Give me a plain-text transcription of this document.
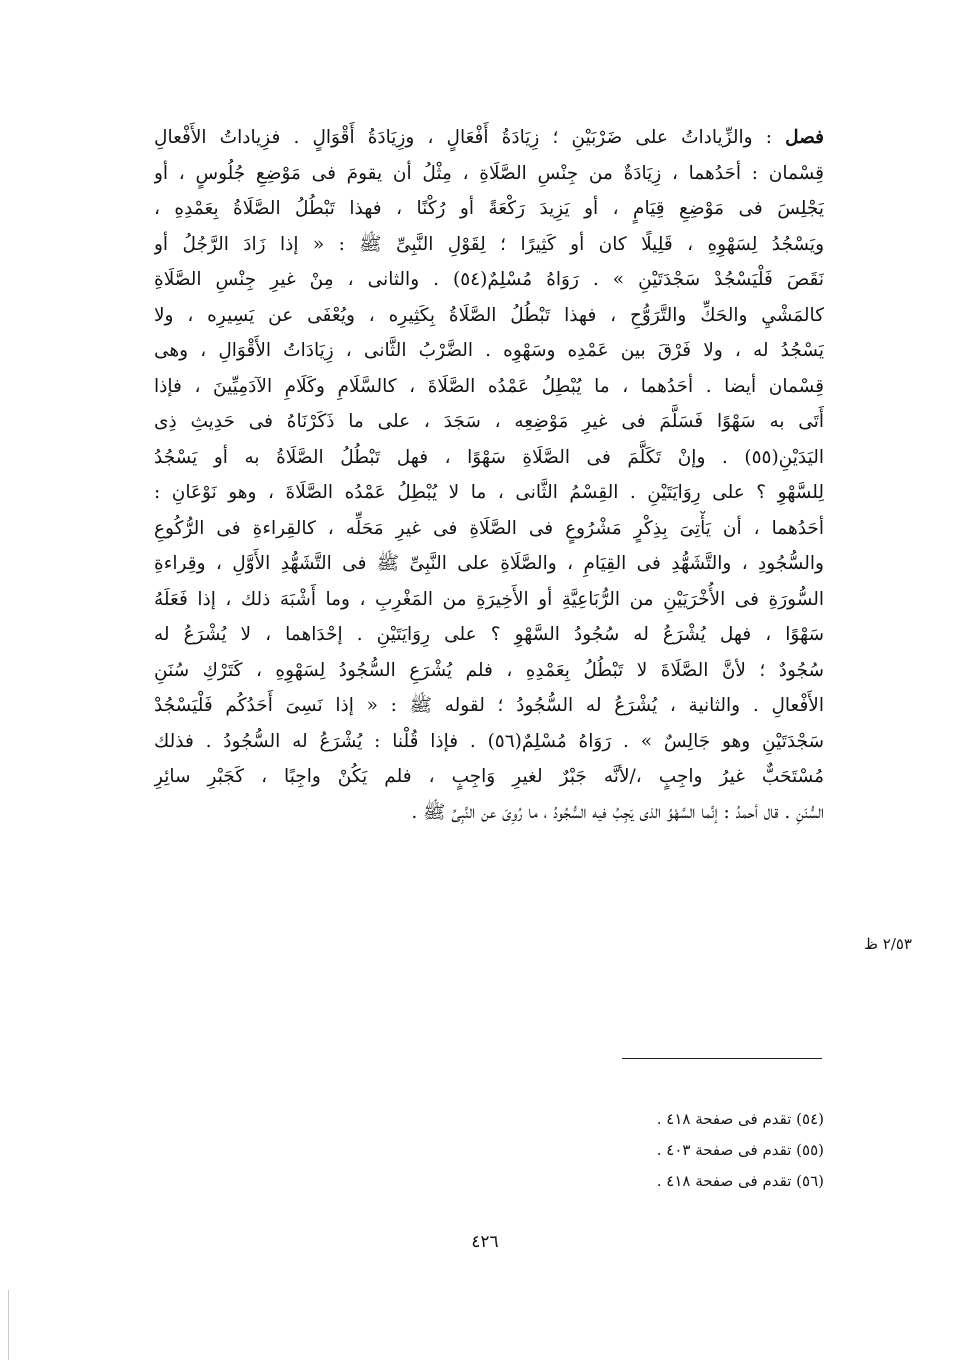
فصل : والزِّياداتُ على ضَرْبَيْنِ ؛ زِيَادَةُ أَفْعَالٍ ، وزِيَادَةُ أَقْوَالٍ . فزِياداتُ الأَفْعالِ
قِسْمان : أحَدُهما ، زِيَادَةٌ من جِنْسِ الصَّلَاةِ ، مِثْلُ أن يقومَ فى مَوْضِعِ جُلُوسٍ ، أو
يَجْلِسَ فى مَوْضِعِ قِيَامٍ ، أو يَزِيدَ رَكْعَةً أو رُكْنًا ، فهذا تَبْطُلُ الصَّلَاةُ بِعَمْدِهِ ،
ويَسْجُدُ لِسَهْوِهِ ، قَلِيلًا كان أو كَثِيرًا ؛ لِقَوْلِ النَّبِىِّ ﷺ : « إذا زَادَ الرَّجُلُ أو
نَقَصَ فَلْيَسْجُدْ سَجْدَتَيْنِ » . رَوَاهُ مُسْلِمٌ(٥٤) . والثانى ، مِنْ غيرِ جِنْسِ الصَّلَاةِ
كالمَشْيِ والحَكِّ والتَّرَوُّحِ ، فهذا تَبْطُلُ الصَّلَاةُ بِكَثِيرِه ، ويُعْفَى عن يَسِيرِه ، ولا
يَسْجُدُ له ، ولا فَرْقَ بين عَمْدِه وسَهْوِه . الضَّرْبُ الثَّانى ، زِيَادَاتُ الأَقْوَالِ ، وهى
قِسْمان أيضا . أحَدُهما ، ما يُبْطِلُ عَمْدُه الصَّلَاةَ ، كالسَّلَامِ وكَلَامِ الآدَمِيِّينَ ، فإذا
أَتَى به سَهْوًا فَسَلَّمَ فى غيرِ مَوْضِعِه ، سَجَدَ ، على ما ذَكَرْنَاهُ فى حَدِيثِ ذِى
اليَدَيْنِ(٥٥) . وإنْ تَكَلَّمَ فى الصَّلَاةِ سَهْوًا ، فهل تَبْطُلُ الصَّلَاةُ به أو يَسْجُدُ
لِلسَّهْوِ ؟ على رِوَايَتَيْنِ . القِسْمُ الثَّانى ، ما لا يُبْطِلُ عَمْدُه الصَّلَاةَ ، وهو نَوْعَانِ :
أحَدُهما ، أن يَأْتِىَ بِذِكْرٍ مَشْرُوعٍ فى الصَّلَاةِ فى غيرِ مَحَلِّه ، كالقِراءةِ فى الرُّكُوعِ
والسُّجُودِ ، والتَّشَهُّدِ فى القِيَامِ ، والصَّلَاةِ على النَّبِىِّ ﷺ فى التَّشَهُّدِ الأَوَّلِ ، وقِراءةِ
السُّورَةِ فى الأُخْرَيَيْنِ من الرُّبَاعِيَّةِ أو الأَخِيرَةِ من المَغْرِبِ ، وما أَشْبَهَ ذلك ، إذا فَعَلَهُ
سَهْوًا ، فهل يُشْرَعُ له سُجُودُ السَّهْوِ ؟ على رِوَايَتَيْنِ . إحْدَاهما ، لا يُشْرَعُ له
سُجُودٌ ؛ لأنَّ الصَّلَاةَ لا تَبْطُلُ بِعَمْدِهِ ، فلم يُشْرَعِ السُّجُودُ لِسَهْوِهِ ، كَتَرْكِ سُنَنِ
الأَفْعالِ . والثانية ، يُشْرَعُ له السُّجُودُ ؛ لقوله ﷺ : « إذا نَسِىَ أَحَدُكُم فَلْيَسْجُدْ
سَجْدَتَيْنِ وهو جَالِسٌ » . رَوَاهُ مُسْلِمٌ(٥٦) . فإذا قُلْنا : يُشْرَعُ له السُّجُودُ . فذلك
مُسْتَحَبٌّ غيرُ واجِبٍ ،/لأنَّه جَبْرٌ لغيرِ وَاجِبٍ ، فلم يَكُنْ واجِبًا ، كَجَبْرِ سائِرِ
السُّنَنِ . قال أحمدُ : إنَّما السَّهْوُ الذى يَجِبُ فيه السُّجُودُ ، ما رُوِىَ عن النَّبِىِّ ﷺ .
٢/٥٣ ظ
(٥٤) تقدم فى صفحة ٤١٨ .
(٥٥) تقدم فى صفحة ٤٠٣ .
(٥٦) تقدم فى صفحة ٤١٨ .
٤٢٦
